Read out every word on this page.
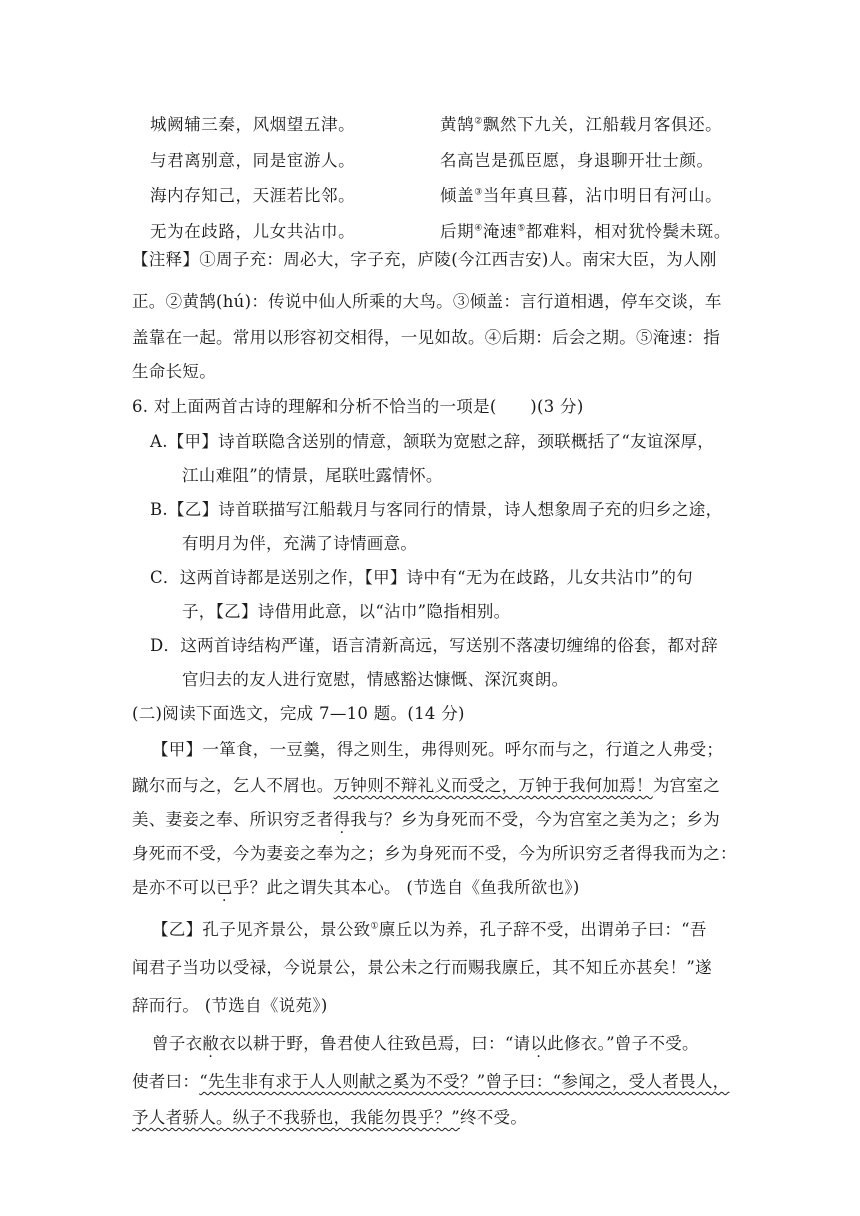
城阙辅三秦，风烟望五津。
与君离别意，同是宦游人。
海内存知己，天涯若比邻。
无为在歧路，儿女共沾巾。
黄鹄②飘然下九关，江船载月客俱还。
名高岂是孤臣愿，身退聊开壮士颜。
倾盖③当年真旦暮，沾巾明日有河山。
后期④淹速⑤都难料，相对犹怜鬓未斑。
【注释】①周子充：周必大，字子充，庐陵(今江西吉安)人。南宋大臣，为人刚
正。②黄鹄(hú)：传说中仙人所乘的大鸟。③倾盖：言行道相遇，停车交谈，车
盖靠在一起。常用以形容初交相得，一见如故。④后期：后会之期。⑤淹速：指
生命长短。
6. 对上面两首古诗的理解和分析不恰当的一项是(　　)(3 分)
A.【甲】诗首联隐含送别的情意，颔联为宽慰之辞，颈联概括了“友谊深厚，
江山难阻”的情景，尾联吐露情怀。
B.【乙】诗首联描写江船载月与客同行的情景，诗人想象周子充的归乡之途，
有明月为伴，充满了诗情画意。
C．这两首诗都是送别之作，【甲】诗中有“无为在歧路，儿女共沾巾”的句
子，【乙】诗借用此意，以“沾巾”隐指相别。
D．这两首诗结构严谨，语言清新高远，写送别不落凄切缠绵的俗套，都对辞
官归去的友人进行宽慰，情感豁达慷慨、深沉爽朗。
(二)阅读下面选文，完成 7—10 题。(14 分)
【甲】一箪食，一豆羹，得之则生，弗得则死。呼尔而与之，行道之人弗受；
蹴尔而与之，乞人不屑也。万钟则不辩礼义而受之，万钟于我何加焉！为宫室之
美、妻妾之奉、所识穷乏者得我与？乡为身死而不受，今为宫室之美为之；乡为
身死而不受，今为妻妾之奉为之；乡为身死而不受，今为所识穷乏者得我而为之：
是亦不可以已乎？此之谓失其本心。 (节选自《鱼我所欲也》)
【乙】孔子见齐景公，景公致①廪丘以为养，孔子辞不受，出谓弟子曰：“吾
闻君子当功以受禄，今说景公，景公未之行而赐我廪丘，其不知丘亦甚矣！”遂
辞而行。 (节选自《说苑》)
曾子衣敝衣以耕于野，鲁君使人往致邑焉，曰：“请以此修衣。”曾子不受。
使者曰：“先生非有求于人人则献之奚为不受？”曾子曰：“参闻之，受人者畏人，
予人者骄人。纵子不我骄也，我能勿畏乎？”终不受。
